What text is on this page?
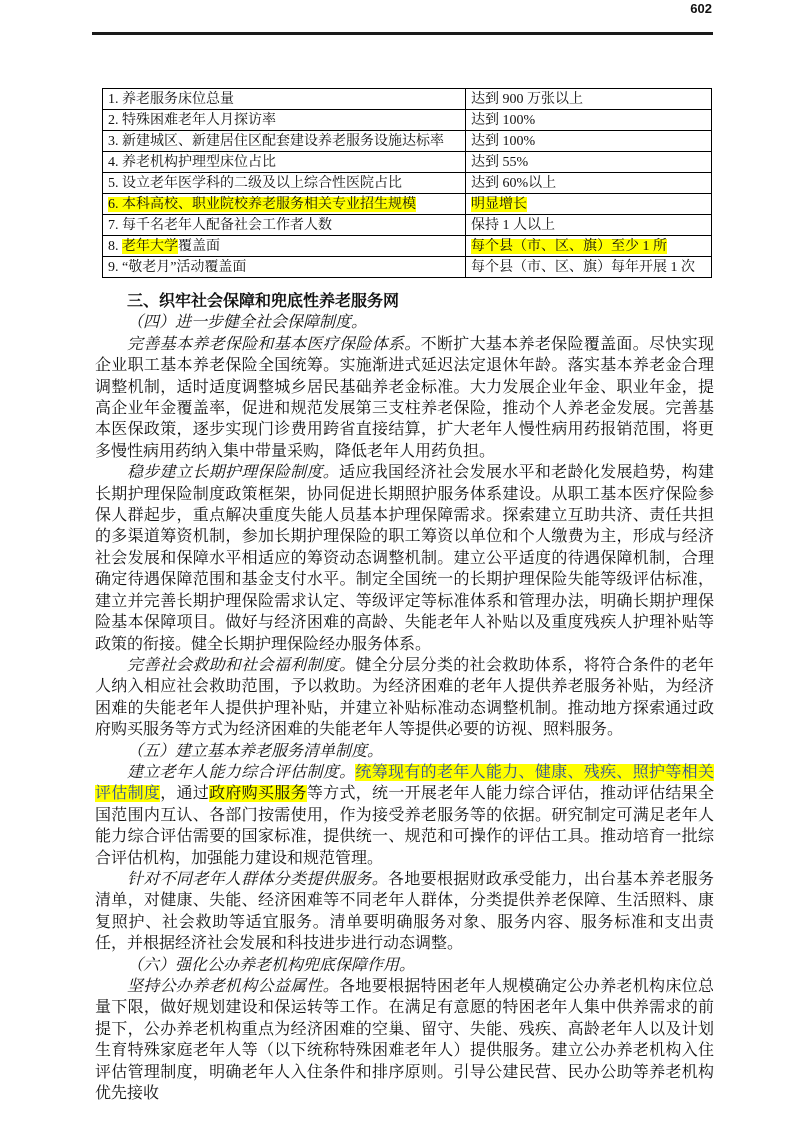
602
1. 养老服务床位总量	达到 900 万张以上
2. 特殊困难老年人月探访率	达到 100%
3. 新建城区、新建居住区配套建设养老服务设施达标率	达到 100%
4. 养老机构护理型床位占比	达到 55%
5. 设立老年医学科的二级及以上综合性医院占比	达到 60%以上
6. 本科高校、职业院校养老服务相关专业招生规模	明显增长
7. 每千名老年人配备社会工作者人数	保持 1 人以上
8. 老年大学覆盖面	每个县（市、区、旗）至少 1 所
9. “敬老月”活动覆盖面	每个县（市、区、旗）每年开展 1 次
三、织牢社会保障和兜底性养老服务网

（四）进一步健全社会保障制度。

完善基本养老保险和基本医疗保险体系。不断扩大基本养老保险覆盖面。尽快实现企业职工基本养老保险全国统筹。实施渐进式延迟法定退休年龄。落实基本养老金合理调整机制，适时适度调整城乡居民基础养老金标准。大力发展企业年金、职业年金，提高企业年金覆盖率，促进和规范发展第三支柱养老保险，推动个人养老金发展。完善基本医保政策，逐步实现门诊费用跨省直接结算，扩大老年人慢性病用药报销范围，将更多慢性病用药纳入集中带量采购，降低老年人用药负担。

稳步建立长期护理保险制度。适应我国经济社会发展水平和老龄化发展趋势，构建长期护理保险制度政策框架，协同促进长期照护服务体系建设。从职工基本医疗保险参保人群起步，重点解决重度失能人员基本护理保障需求。探索建立互助共济、责任共担的多渠道筹资机制，参加长期护理保险的职工筹资以单位和个人缴费为主，形成与经济社会发展和保障水平相适应的筹资动态调整机制。建立公平适度的待遇保障机制，合理确定待遇保障范围和基金支付水平。制定全国统一的长期护理保险失能等级评估标准，建立并完善长期护理保险需求认定、等级评定等标准体系和管理办法，明确长期护理保险基本保障项目。做好与经济困难的高龄、失能老年人补贴以及重度残疾人护理补贴等政策的衔接。健全长期护理保险经办服务体系。

完善社会救助和社会福利制度。健全分层分类的社会救助体系，将符合条件的老年人纳入相应社会救助范围，予以救助。为经济困难的老年人提供养老服务补贴，为经济困难的失能老年人提供护理补贴，并建立补贴标准动态调整机制。推动地方探索通过政府购买服务等方式为经济困难的失能老年人等提供必要的访视、照料服务。

（五）建立基本养老服务清单制度。

建立老年人能力综合评估制度。统筹现有的老年人能力、健康、残疾、照护等相关评估制度，通过政府购买服务等方式，统一开展老年人能力综合评估，推动评估结果全国范围内互认、各部门按需使用，作为接受养老服务等的依据。研究制定可满足老年人能力综合评估需要的国家标准，提供统一、规范和可操作的评估工具。推动培育一批综合评估机构，加强能力建设和规范管理。

针对不同老年人群体分类提供服务。各地要根据财政承受能力，出台基本养老服务清单，对健康、失能、经济困难等不同老年人群体，分类提供养老保障、生活照料、康复照护、社会救助等适宜服务。清单要明确服务对象、服务内容、服务标准和支出责任，并根据经济社会发展和科技进步进行动态调整。

（六）强化公办养老机构兜底保障作用。

坚持公办养老机构公益属性。各地要根据特困老年人规模确定公办养老机构床位总量下限，做好规划建设和保运转等工作。在满足有意愿的特困老年人集中供养需求的前提下，公办养老机构重点为经济困难的空巢、留守、失能、残疾、高龄老年人以及计划生育特殊家庭老年人等（以下统称特殊困难老年人）提供服务。建立公办养老机构入住评估管理制度，明确老年人入住条件和排序原则。引导公建民营、民办公助等养老机构优先接收
